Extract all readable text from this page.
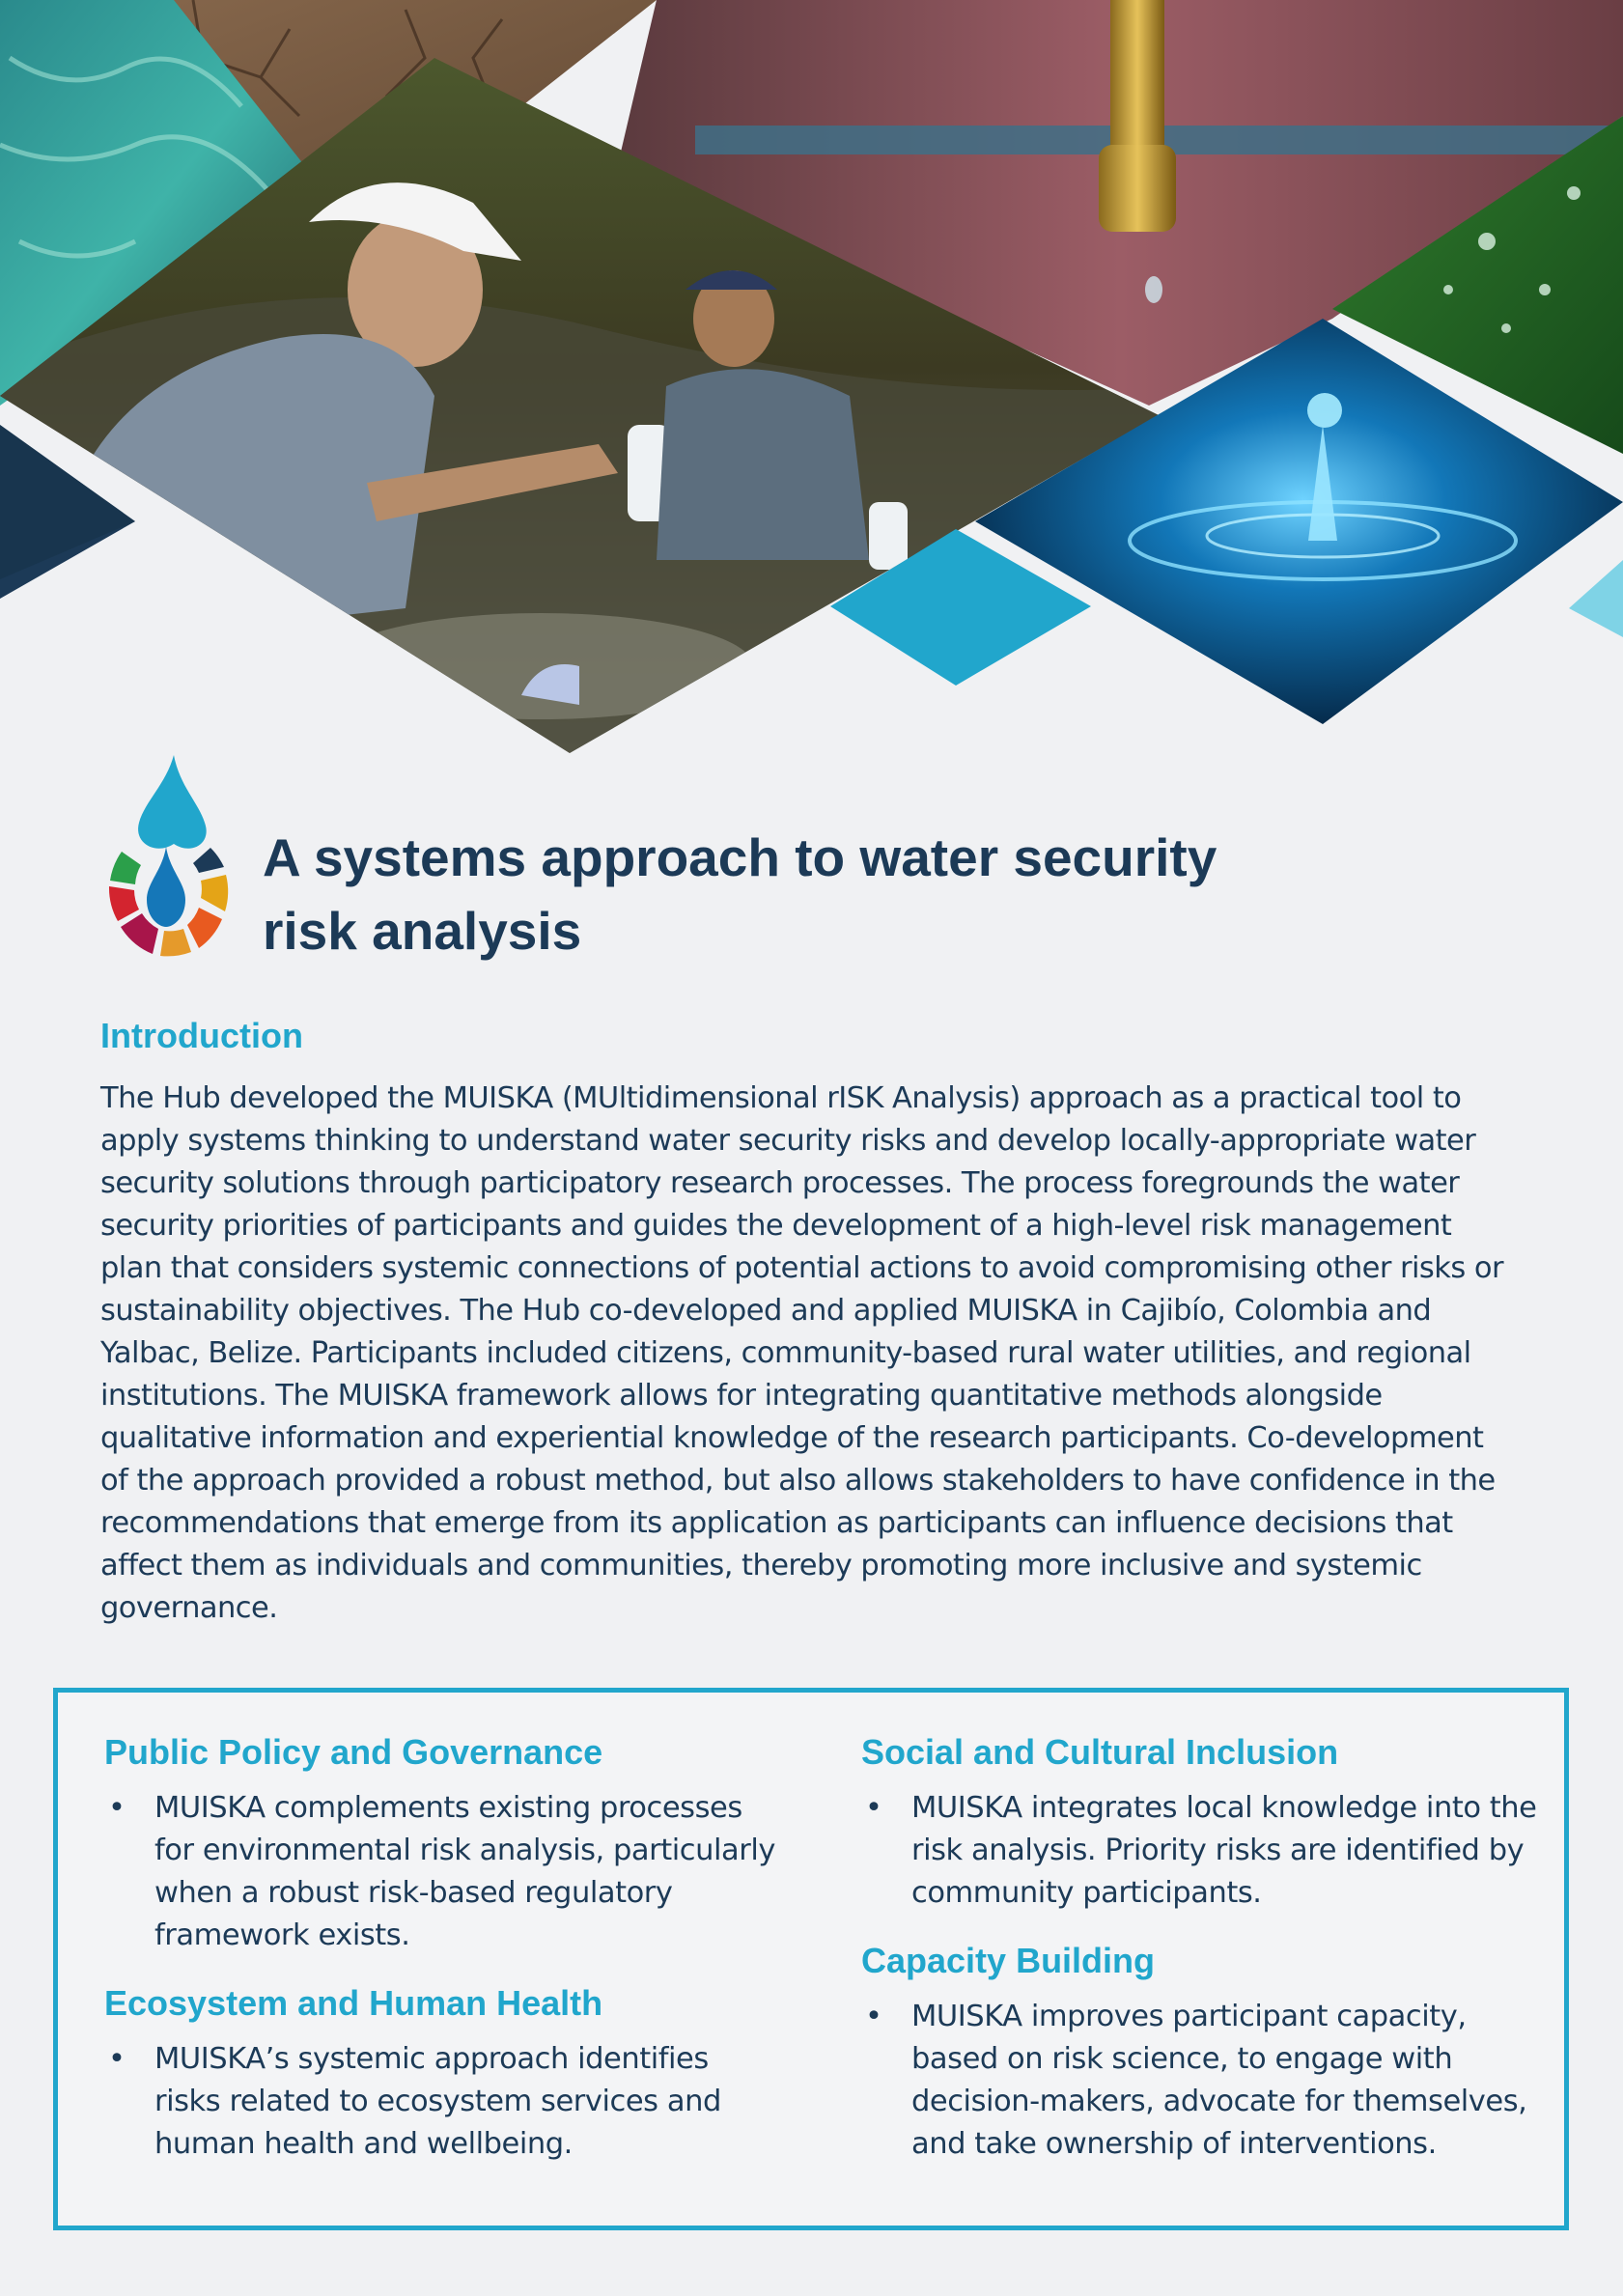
A systems approach to water security
risk analysis
Introduction

The Hub developed the MUISKA (MUltidimensional rISK Analysis) approach as a practical tool to apply systems thinking to understand water security risks and develop locally-appropriate water security solutions through participatory research processes. The process foregrounds the water security priorities of participants and guides the development of a high-level risk management plan that considers systemic connections of potential actions to avoid compromising other risks or sustainability objectives. The Hub co-developed and applied MUISKA in Cajibío, Colombia and Yalbac, Belize. Participants included citizens, community-based rural water utilities, and regional institutions. The MUISKA framework allows for integrating quantitative methods alongside qualitative information and experiential knowledge of the research participants. Co-development of the approach provided a robust method, but also allows stakeholders to have confidence in the recommendations that emerge from its application as participants can influence decisions that affect them as individuals and communities, thereby promoting more inclusive and systemic governance.

Public Policy and Governance
• MUISKA complements existing processes for environmental risk analysis, particularly when a robust risk-based regulatory framework exists.
Ecosystem and Human Health
• MUISKA’s systemic approach identifies risks related to ecosystem services and human health and wellbeing.
Social and Cultural Inclusion
• MUISKA integrates local knowledge into the risk analysis. Priority risks are identified by community participants.
Capacity Building
• MUISKA improves participant capacity, based on risk science, to engage with decision-makers, advocate for themselves, and take ownership of interventions.
